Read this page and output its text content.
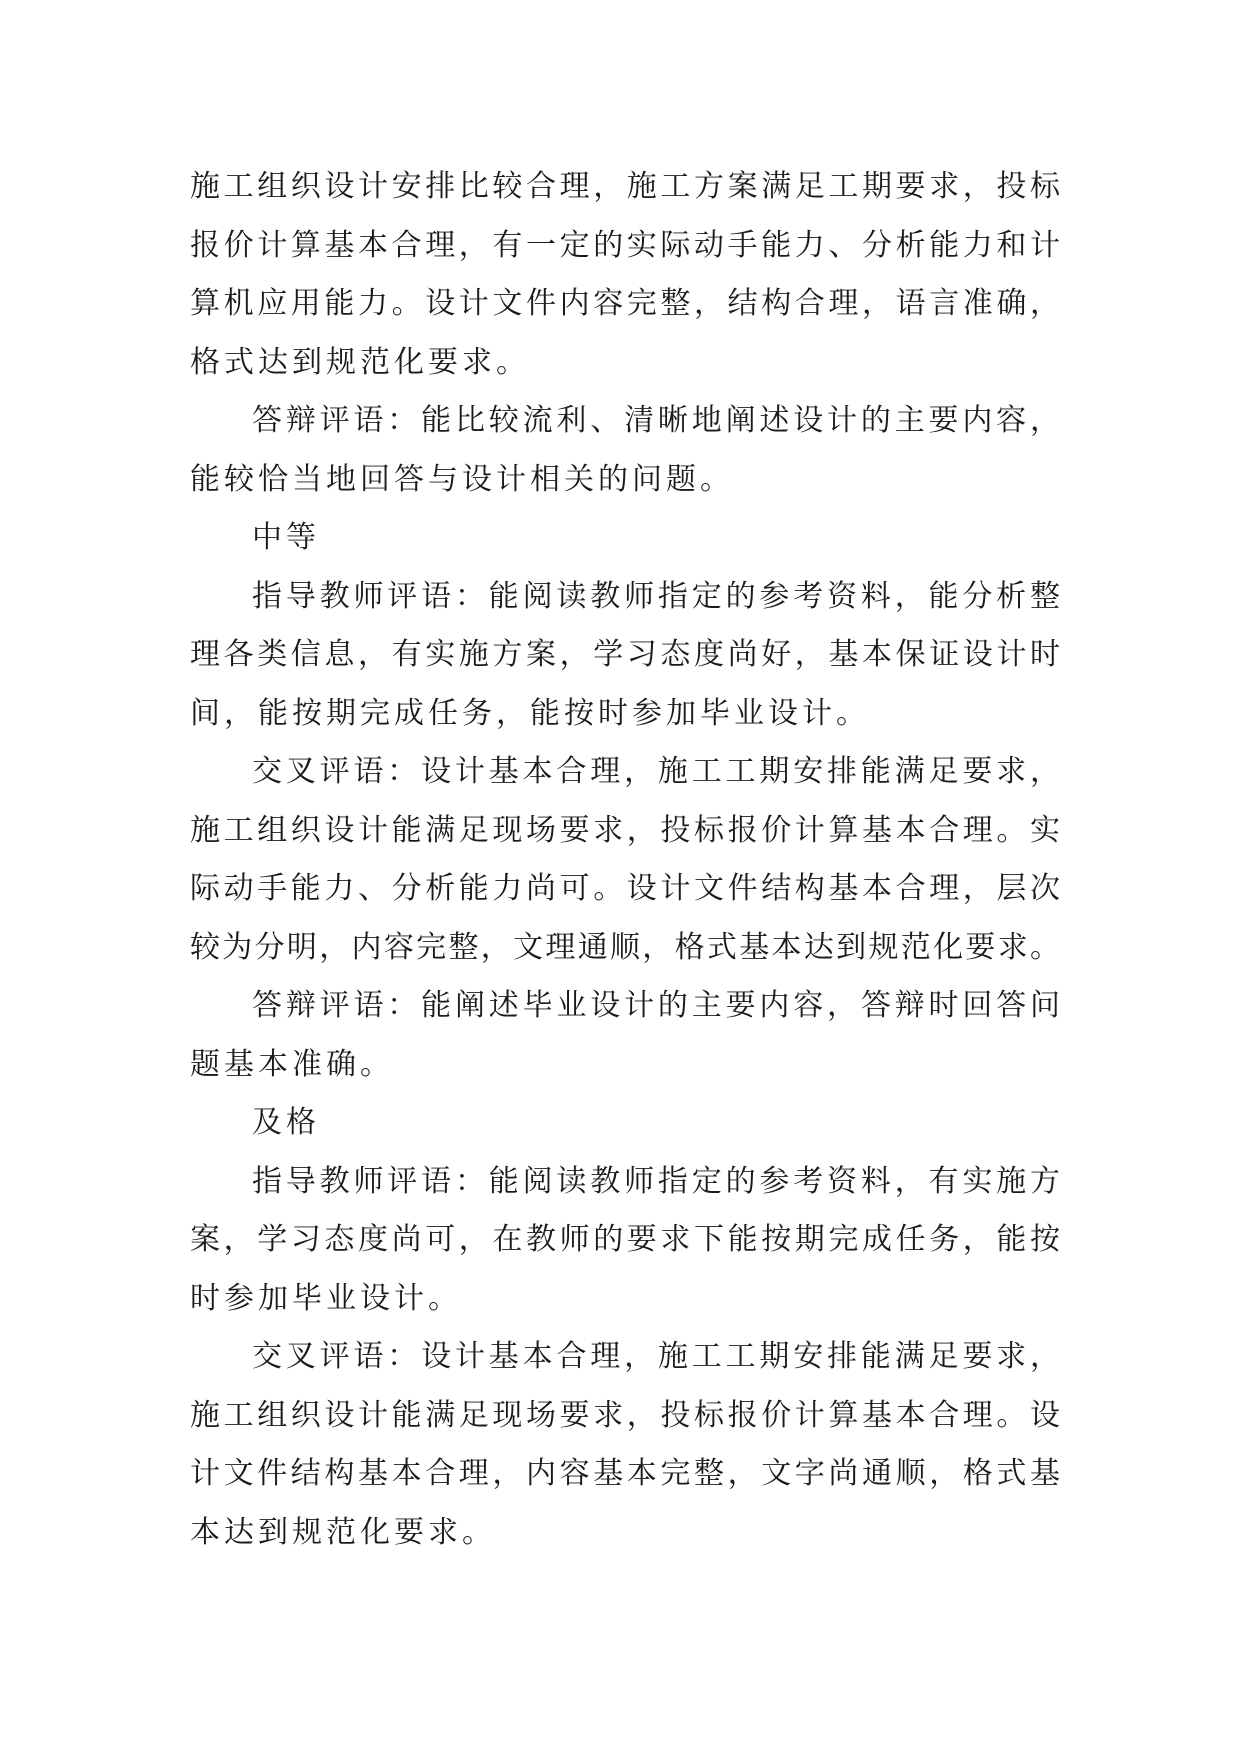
施工组织设计安排比较合理，施工方案满足工期要求，投标
报价计算基本合理，有一定的实际动手能力、分析能力和计
算机应用能力。设计文件内容完整，结构合理，语言准确，
格式达到规范化要求。
答辩评语：能比较流利、清晰地阐述设计的主要内容，
能较恰当地回答与设计相关的问题。
中等
指导教师评语：能阅读教师指定的参考资料，能分析整
理各类信息，有实施方案，学习态度尚好，基本保证设计时
间，能按期完成任务，能按时参加毕业设计。
交叉评语：设计基本合理，施工工期安排能满足要求，
施工组织设计能满足现场要求，投标报价计算基本合理。实
际动手能力、分析能力尚可。设计文件结构基本合理，层次
较为分明，内容完整，文理通顺，格式基本达到规范化要求。
答辩评语：能阐述毕业设计的主要内容，答辩时回答问
题基本准确。
及格
指导教师评语：能阅读教师指定的参考资料，有实施方
案，学习态度尚可，在教师的要求下能按期完成任务，能按
时参加毕业设计。
交叉评语：设计基本合理，施工工期安排能满足要求，
施工组织设计能满足现场要求，投标报价计算基本合理。设
计文件结构基本合理，内容基本完整，文字尚通顺，格式基
本达到规范化要求。
